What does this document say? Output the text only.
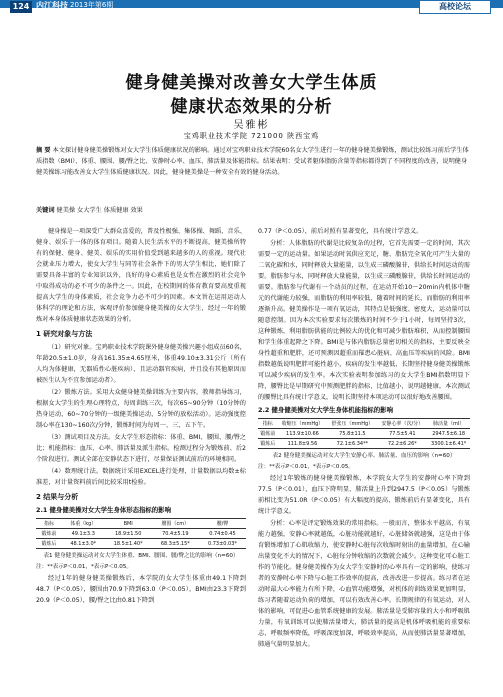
124 内江科技 2013年第6期	高校论坛
健身健美操对改善女大学生体质
健康状态效果的分析
吴雅彬
宝鸡职业技术学院 721000 陕西宝鸡
摘 要 本文探讨健身健美操锻炼对女大学生体质健康状况的影响。通过对宝鸡职业技术学院60名女大学生进行一年的健身健美操锻炼，测试比较练习前后学生体质指数（BMI）、体重、腰围、腰/臀之比、安静时心率、血压、肺活量及体能指标。结果表明：受试者躯体脂肪含量等指标都得到了不同程度的改善，说明健身健美操练习能改善女大学生体质健康状况。因此，健身健美操是一种安全有效的健身活动。
关键词 健美操 女大学生 体质健康 效果

健身操是一项深受广大群众喜爱的，普及性极强、集体操、舞蹈、音乐、健身、娱乐于一体的体育项目。随着人民生活水平的不断提高，健美操所特有的保健、健身、健美、娱乐的实用价值受到越来越多的人的重视。现代社会就业压力增大，使女大学生与同等社会条件下的男大学生相比，她们除了需要具备丰富的专业知识以外，良好的身心素质也是女性在激烈的社会竞争中取得成功的必不可少的条件之一。因此，在校期间的体育教育要高度重视提高大学生的身体素质，社会竞争力必不可少的因素。本文旨在运用运动人体科学的理论和方法，客观评价参加健身健美操的女大学生，经过一年的锻炼对本身体质健康状态效果的分析。

1 研究对象与方法

（1）研究对象。宝鸡职业技术学院课外健身健美操兴趣小组成员60名，年龄20.5±1.0岁，身高161.35±4.65厘米，体重49.10±3.31公斤（所有人均为体健康，无器质性心脏疾病），且运动器官疾病，并且没有其他原因而被医生认为不宜参加运动者）。

（2）锻炼方法。采用大众健身健美操训练为主要内容，教师指导练习，根据女大学生的生理心理特点，每周训练三次，每次65~90分钟（10分钟的热身运动，60~70分钟的一级健美操运动，5分钟的放松活动）。运动强度控制心率在130~160次/分钟，锻炼时间为每周一、三、五下午。

（3）测试项目及方法。女大学生形态指标：体重、BMI、腰围、腰/臀之比；机能指标：血压、心率、肺活量及派生指标。检测过程分为锻炼前、后2个阶段进行。测试全部在安静状态下进行，尽量保证测试前后的环境相同。

（4）数理统计法。数据统计采用EXCEL进行处理，计量数据以均数±标准差，对计量资料前后间比较采用t检验。

2 结果与分析
2.1 健身健美操对女大学生身体形态指标的影响
指标	体重（kg）	BMI	腰围（cm）	腰/臀
锻炼前	49.1±3.3	18.9±1.50	70.4±5.19	0.74±0.45
锻炼后	48.1±3.0*	18.5±1.40*	68.3±5.15*	0.73±0.03*
表1 健身健美操运动对女大学生体重、BMI、腰围、腰/臀之比的影响（n=60）
注：**表示P＜0.01，*表示P＜0.05。

经过1年的健身健美操锻炼后，本学院的女大学生体重由49.1下降到48.7（P＜0.05），腰围由70.9下降到63.0（P＜0.05），BMI由23.3下降到20.9（P＜0.05），腰/臀之比由0.81下降到

0.77（P＜0.05），前后对照有显著变化，具有统计学意义。

分析：人体脂肪的代谢是比较复杂的过程，它首先需要一定的时间，其次需要一定的运动量。如果运动时氧供应充足，糖、脂肪完全氧化可产生大量的二氧化碳和水，同时释放大量能量，以生成三磷酸腺苷，供给长时间运动的需要。脂肪参与水，同时释放大量能量，以生成三磷酸腺苷，供给长时间运动的需要。脂肪参与代谢有一个动员的过程，在运动开始10～20min内机体中糖元的代谢能力较强，而脂肪的利用率较低，随着时间的延长，而脂肪的利用率逐渐升高。健美操作是一项有氧运动，其特点是低强度、密度大，运动量可以随意控制。因为本次实验要求每次锻炼的时间不少于1小时，每周坚持3次，这种锻炼，利用脂肪供能的比例较大的优化和可减少脂肪堆积，从而控制腰围和学生体重起降之下降。BMI是与体内脂肪总量密切相关的指标，主要反映全身性超重和肥胖，还可预测因超重而罹患心脏病、高血压等疾病的风险。BMI指数越低说明肥胖可能性越小，疾病的发生率越低，长期坚持健身健美操锻炼可以减少疾病的发生率。本次实验表明参加练习的女大学生BMI指数明显下降，腰臀比是早期研究中预测肥胖的指标，比值越小，说明越健康。本次测试的腰臀比具有统计学意义，说明长期坚持本项运动可以很好地改善腰围。

2.2 健身健美操对女大学生身体机能指标的影响
指标	收缩压（mmHg）	舒张压（mmHg）	安静心率（次/分）	肺活量（ml）
锻炼前	113.9±10.66	75.8±11.5	77.5±5.41	2947.5±6.18
锻炼后	111.8±9.56	72.1±6.34**	72.2±6.26*	3300.1±6.41*
表2 健身健美操运动对女大学生安静心率、肺活量、血压的影响（n=60）
注：**表示P＜0.01，*表示P＜0.05。

经过1年锻炼的健身健美操锻炼，本学院女大学生的安静时心率下降到77.5（P＜0.01），血压下降明显，肺活量上升到2947.5（P＜0.05）与锻炼前相比变为51.0R（P＜0.05）有大幅度的提高，锻炼前后有显著变化，具有统计学意义。

分析：心率是评定锻炼效果的常用指标。一般而言，整体水平越高，有氧能力越强，安静心率就越低，心脏功能就越好，心脏储备就越强，这是由于体育锻炼增加了心肌收缩力，使安静时心脏每次收缩时射出的血量增加，在心输出量变化不大的情况下，心脏每分钟收缩的次数就会减少。这种变化可心脏工作的节能化。健身健美操作为女大学生安静时的心率具有一定的影响，使练习者的安静时心率下降与心脏工作效率的提高，改善改进一步提高。练习者在运动时最大心率能力有所下降，心血管功能增强，对机体的训练效果更加明显，练习者随着运动负荷的增加，可以有效改善心率。长期规律的有氧运动，对人体的影响，可促进心血管系统健康的发展。肺活量是受肺容量的大小和呼吸肌力量，有氧训练可以使肺活量增大，肺活量的提高是机体呼吸机能的重要标志，呼吸频率降低，呼吸深度加深，呼吸效率提高，从而使肺活量显著增加，肺通气量明显加大。
